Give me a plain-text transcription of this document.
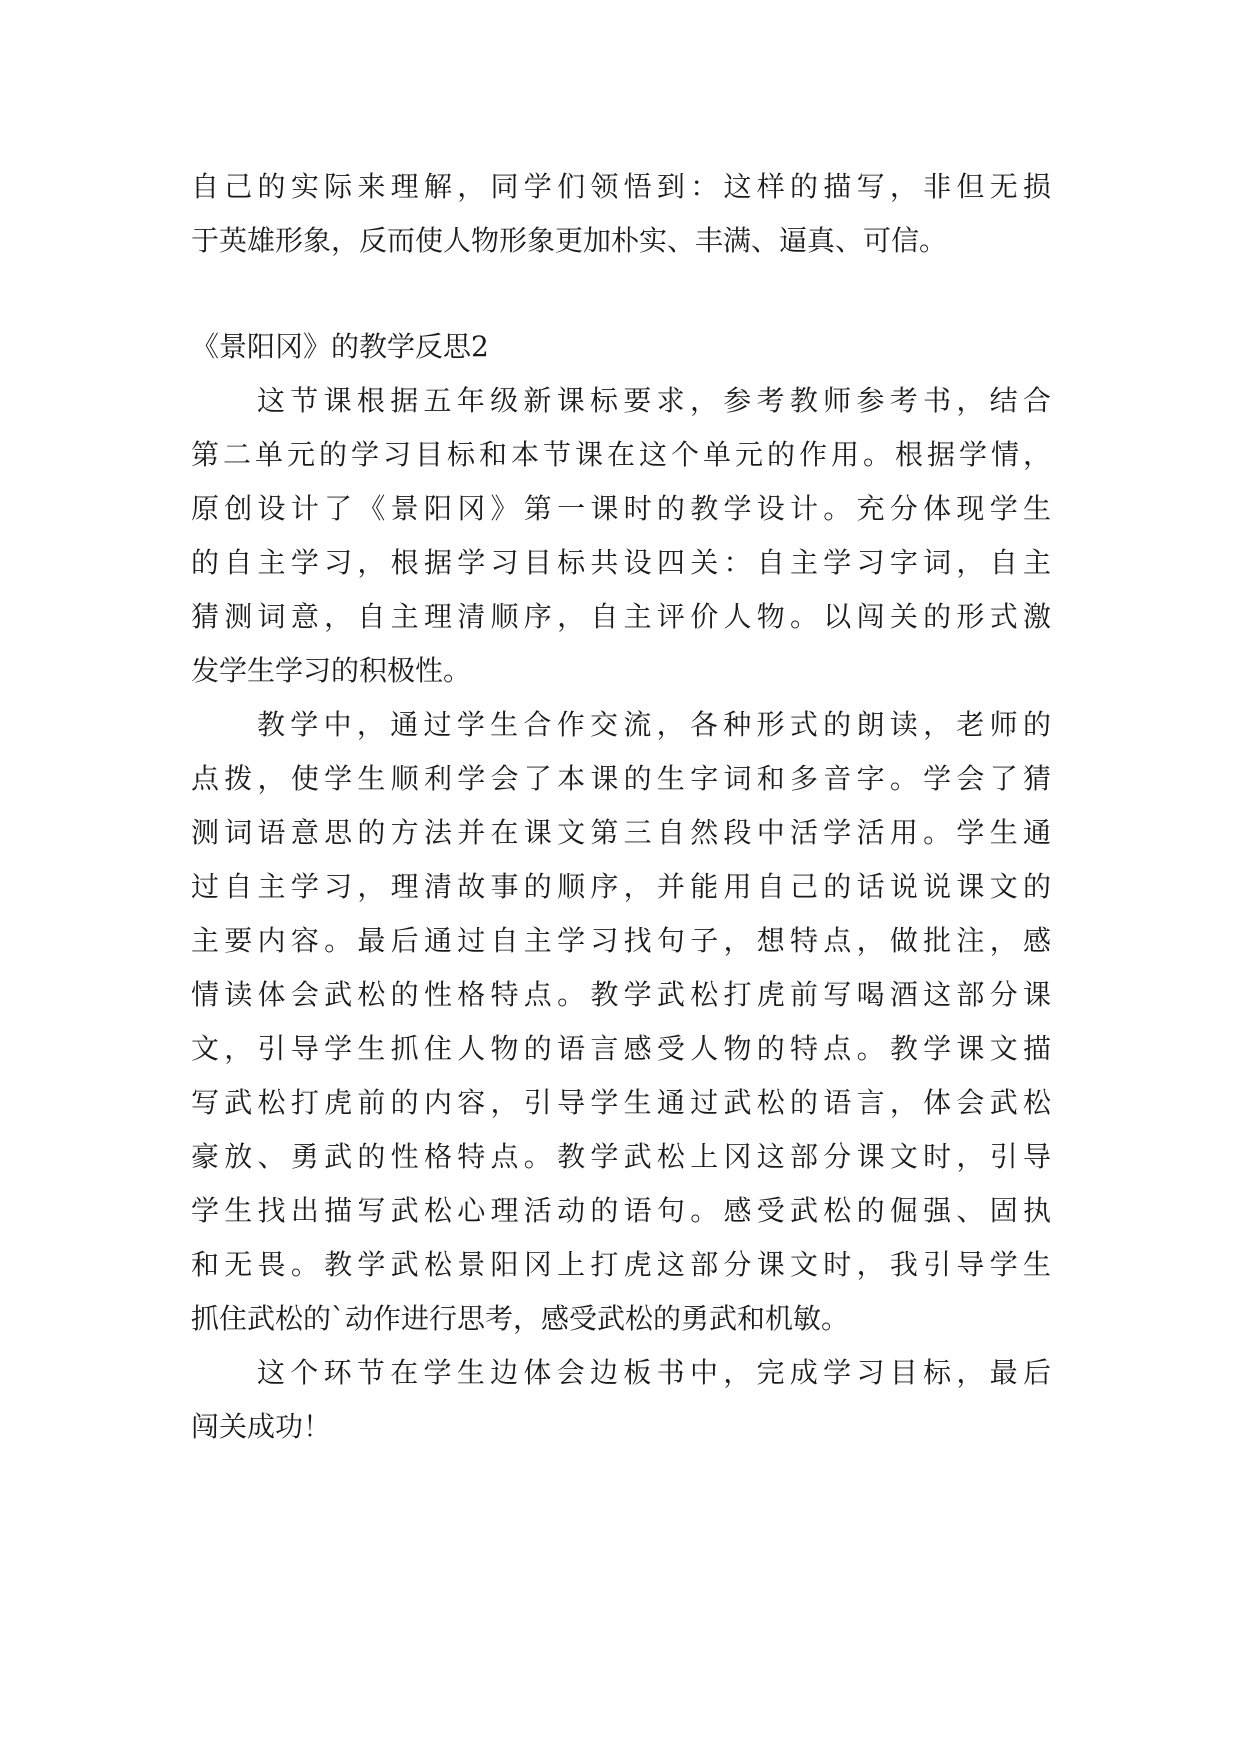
自己的实际来理解，同学们领悟到：这样的描写，非但无损
于英雄形象，反而使人物形象更加朴实、丰满、逼真、可信。
《景阳冈》的教学反思2
这节课根据五年级新课标要求，参考教师参考书，结合
第二单元的学习目标和本节课在这个单元的作用。根据学情，
原创设计了《景阳冈》第一课时的教学设计。充分体现学生
的自主学习，根据学习目标共设四关：自主学习字词，自主
猜测词意，自主理清顺序，自主评价人物。以闯关的形式激
发学生学习的积极性。
教学中，通过学生合作交流，各种形式的朗读，老师的
点拨，使学生顺利学会了本课的生字词和多音字。学会了猜
测词语意思的方法并在课文第三自然段中活学活用。学生通
过自主学习，理清故事的顺序，并能用自己的话说说课文的
主要内容。最后通过自主学习找句子，想特点，做批注，感
情读体会武松的性格特点。教学武松打虎前写喝酒这部分课
文，引导学生抓住人物的语言感受人物的特点。教学课文描
写武松打虎前的内容，引导学生通过武松的语言，体会武松
豪放、勇武的性格特点。教学武松上冈这部分课文时，引导
学生找出描写武松心理活动的语句。感受武松的倔强、固执
和无畏。教学武松景阳冈上打虎这部分课文时，我引导学生
抓住武松的`动作进行思考，感受武松的勇武和机敏。
这个环节在学生边体会边板书中，完成学习目标，最后
闯关成功！
